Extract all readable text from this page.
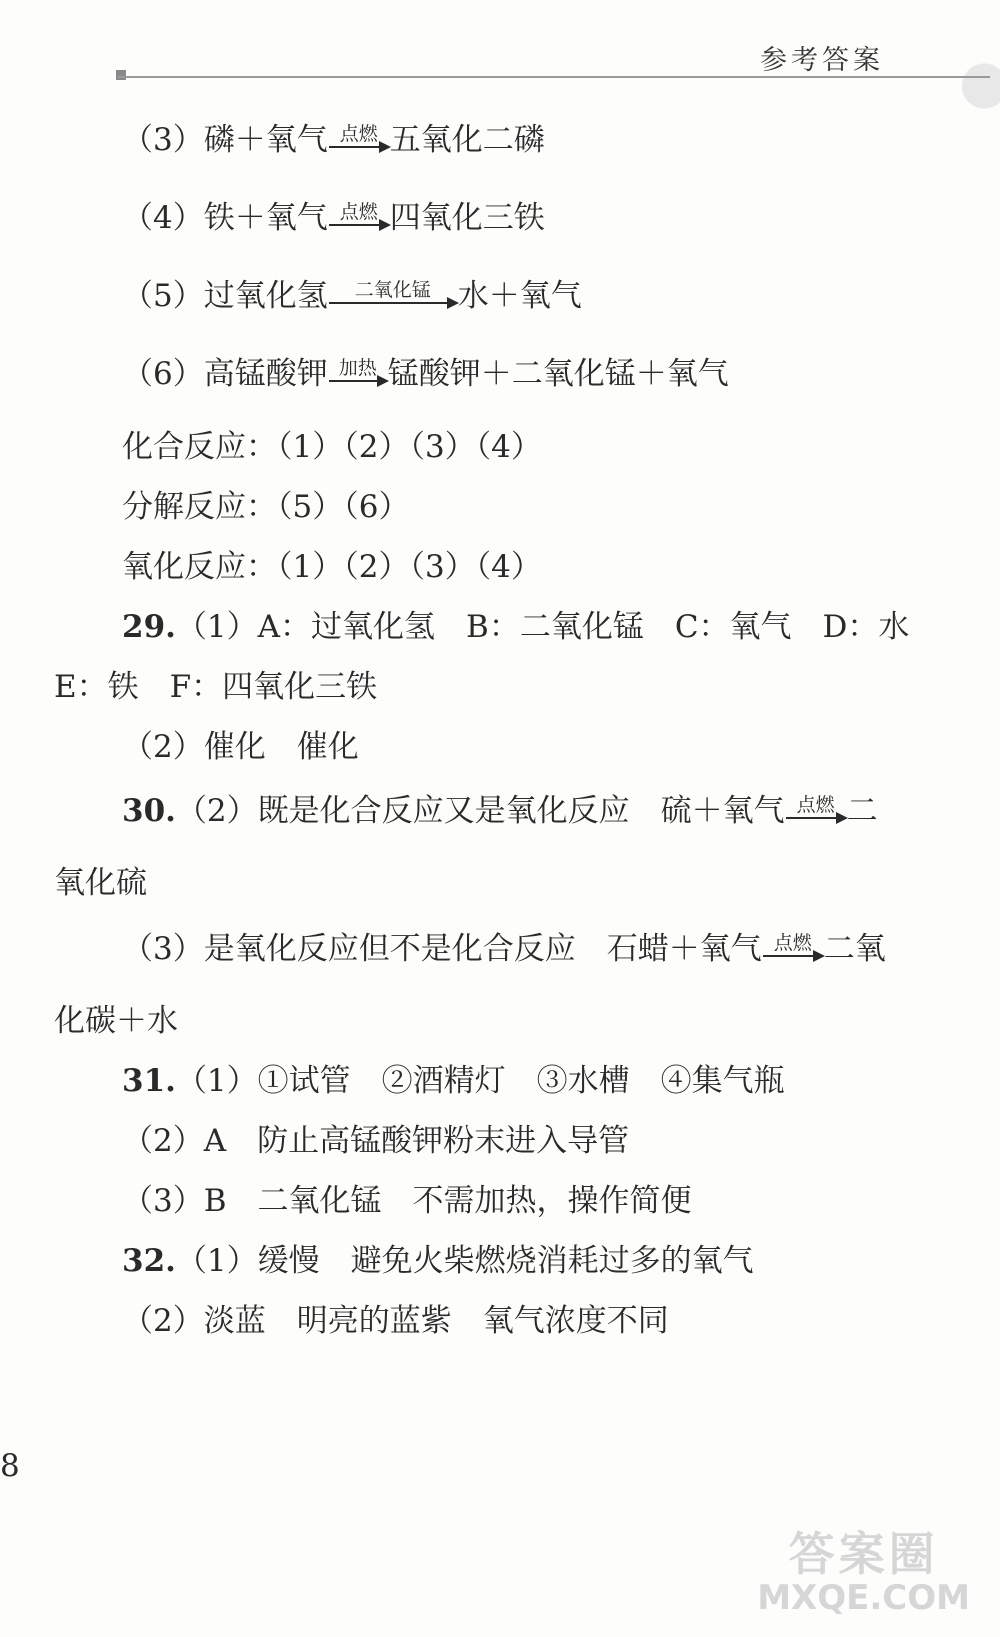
参考答案
（3）磷＋氧气 点燃 五氧化二磷
（4）铁＋氧气 点燃 四氧化三铁
（5）过氧化氢 二氧化锰 水＋氧气
（6）高锰酸钾 加热 锰酸钾＋二氧化锰＋氧气
化合反应：（1）（2）（3）（4）
分解反应：（5）（6）
氧化反应：（1）（2）（3）（4）
29.（1）A：过氧化氢　B：二氧化锰　C：氧气　D：水
E：铁　F：四氧化三铁
（2）催化　催化
30. （2）既是化合反应又是氧化反应　硫＋氧气 点燃 二
氧化硫
（3）是氧化反应但不是化合反应　石蜡＋氧气 点燃 二氧
化碳＋水
31.（1）①试管　②酒精灯　③水槽　④集气瓶
（2）A　防止高锰酸钾粉末进入导管
（3）B　二氧化锰　不需加热，操作简便
32.（1）缓慢　避免火柴燃烧消耗过多的氧气
（2）淡蓝　明亮的蓝紫　氧气浓度不同
8
答案圈
MXQE.COM
